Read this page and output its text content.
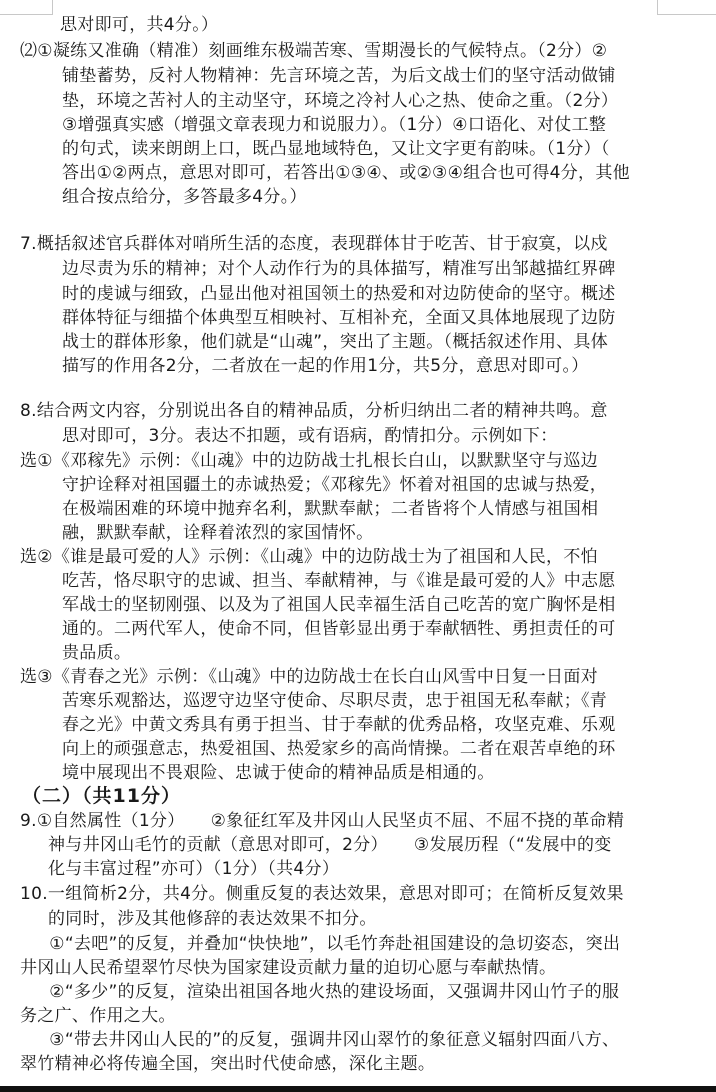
思对即可，共4分。）
⑵①凝练又准确（精准）刻画维东极端苦寒、雪期漫长的气候特点。（2分）②
铺垫蓄势，反衬人物精神：先言环境之苦，为后文战士们的坚守活动做铺
垫，环境之苦衬人的主动坚守，环境之冷衬人心之热、使命之重。（2分）
③增强真实感（增强文章表现力和说服力）。（1分）④口语化、对仗工整
的句式，读来朗朗上口，既凸显地域特色，又让文字更有韵味。（1分）（
答出①②两点，意思对即可，若答出①③④、或②③④组合也可得4分，其他
组合按点给分，多答最多4分。）
7.概括叙述官兵群体对哨所生活的态度，表现群体甘于吃苦、甘于寂寞，以戍
边尽责为乐的精神；对个人动作行为的具体描写，精准写出邹越描红界碑
时的虔诚与细致，凸显出他对祖国领土的热爱和对边防使命的坚守。概述
群体特征与细描个体典型互相映衬、互相补充，全面又具体地展现了边防
战士的群体形象，他们就是“山魂”，突出了主题。（概括叙述作用、具体
描写的作用各2分，二者放在一起的作用1分，共5分，意思对即可。）
8.结合两文内容，分别说出各自的精神品质，分析归纳出二者的精神共鸣。意
思对即可，3分。表达不扣题，或有语病，酌情扣分。示例如下：
选①《邓稼先》示例：《山魂》中的边防战士扎根长白山，以默默坚守与巡边
守护诠释对祖国疆土的赤诚热爱；《邓稼先》怀着对祖国的忠诚与热爱，
在极端困难的环境中抛弃名利，默默奉献；二者皆将个人情感与祖国相
融，默默奉献，诠释着浓烈的家国情怀。
选②《谁是最可爱的人》示例：《山魂》中的边防战士为了祖国和人民，不怕
吃苦，恪尽职守的忠诚、担当、奉献精神，与《谁是最可爱的人》中志愿
军战士的坚韧刚强、以及为了祖国人民幸福生活自己吃苦的宽广胸怀是相
通的。二两代军人，使命不同，但皆彰显出勇于奉献牺牲、勇担责任的可
贵品质。
选③《青春之光》示例：《山魂》中的边防战士在长白山风雪中日复一日面对
苦寒乐观豁达，巡逻守边坚守使命、尽职尽责，忠于祖国无私奉献；《青
春之光》中黄文秀具有勇于担当、甘于奉献的优秀品格，攻坚克难、乐观
向上的顽强意志，热爱祖国、热爱家乡的高尚情操。二者在艰苦卓绝的环
境中展现出不畏艰险、忠诚于使命的精神品质是相通的。
（二）（共11分）
9.①自然属性（1分）　　②象征红军及井冈山人民坚贞不屈、不屈不挠的革命精
神与井冈山毛竹的贡献（意思对即可，2分）　　③发展历程（“发展中的变
化与丰富过程”亦可）（1分）（共4分）
10.一组简析2分，共4分。侧重反复的表达效果，意思对即可；在简析反复效果
的同时，涉及其他修辞的表达效果不扣分。
　①“去吧”的反复，并叠加“快快地”，以毛竹奔赴祖国建设的急切姿态，突出
井冈山人民希望翠竹尽快为国家建设贡献力量的迫切心愿与奉献热情。
　②“多少”的反复，渲染出祖国各地火热的建设场面，又强调井冈山竹子的服
务之广、作用之大。
　③“带去井冈山人民的”的反复，强调井冈山翠竹的象征意义辐射四面八方、
翠竹精神必将传遍全国，突出时代使命感，深化主题。
